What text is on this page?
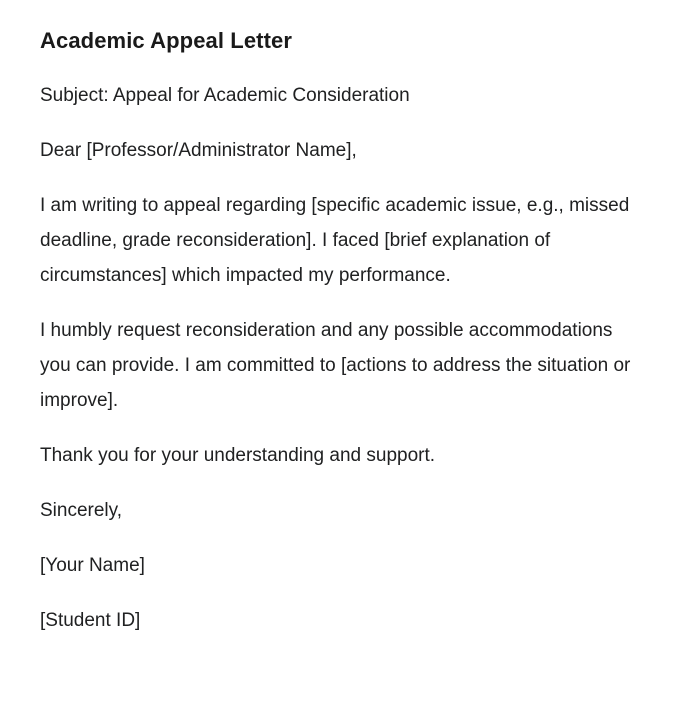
Academic Appeal Letter

Subject: Appeal for Academic Consideration

Dear [Professor/Administrator Name],

I am writing to appeal regarding [specific academic issue, e.g., missed deadline, grade reconsideration]. I faced [brief explanation of circumstances] which impacted my performance.

I humbly request reconsideration and any possible accommodations you can provide. I am committed to [actions to address the situation or improve].

Thank you for your understanding and support.

Sincerely,

[Your Name]

[Student ID]
